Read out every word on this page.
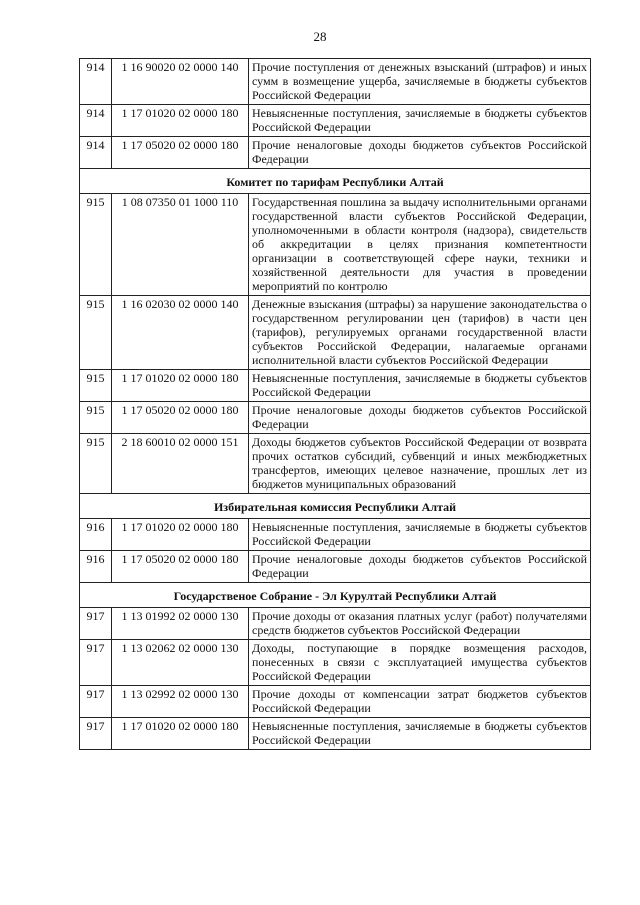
28
914	1 16 90020 02 0000 140	Прочие поступления от денежных взысканий (штрафов) и иных сумм в возмещение ущерба, зачисляемые в бюджеты субъектов Российской Федерации
914	1 17 01020 02 0000 180	Невыясненные поступления, зачисляемые в бюджеты субъектов Российской Федерации
914	1 17 05020 02 0000 180	Прочие неналоговые доходы бюджетов субъектов Российской Федерации
Комитет по тарифам Республики Алтай		
915	1 08 07350 01 1000 110	Государственная пошлина за выдачу исполнительными органами государственной власти субъектов Российской Федерации, уполномоченными в области контроля (надзора), свидетельств об аккредитации в целях признания компетентности организации в соответствующей сфере науки, техники и хозяйственной деятельности для участия в проведении мероприятий по контролю
915	1 16 02030 02 0000 140	Денежные взыскания (штрафы) за нарушение законодательства о государственном регулировании цен (тарифов) в части цен (тарифов), регулируемых органами государственной власти субъектов Российской Федерации, налагаемые органами исполнительной власти субъектов Российской Федерации
915	1 17 01020 02 0000 180	Невыясненные поступления, зачисляемые в бюджеты субъектов Российской Федерации
915	1 17 05020 02 0000 180	Прочие неналоговые доходы бюджетов субъектов Российской Федерации
915	2 18 60010 02 0000 151	Доходы бюджетов субъектов Российской Федерации от возврата прочих остатков субсидий, субвенций и иных межбюджетных трансфертов, имеющих целевое назначение, прошлых лет из бюджетов муниципальных образований
Избирательная комиссия Республики Алтай		
916	1 17 01020 02 0000 180	Невыясненные поступления, зачисляемые в бюджеты субъектов Российской Федерации
916	1 17 05020 02 0000 180	Прочие неналоговые доходы бюджетов субъектов Российской Федерации
Государственое Собрание - Эл Курултай Республики Алтай		
917	1 13 01992 02 0000 130	Прочие доходы от оказания платных услуг (работ) получателями средств бюджетов субъектов Российской Федерации
917	1 13 02062 02 0000 130	Доходы, поступающие в порядке возмещения расходов, понесенных в связи с эксплуатацией имущества субъектов Российской Федерации
917	1 13 02992 02 0000 130	Прочие доходы от компенсации затрат бюджетов субъектов Российской Федерации
917	1 17 01020 02 0000 180	Невыясненные поступления, зачисляемые в бюджеты субъектов Российской Федерации
